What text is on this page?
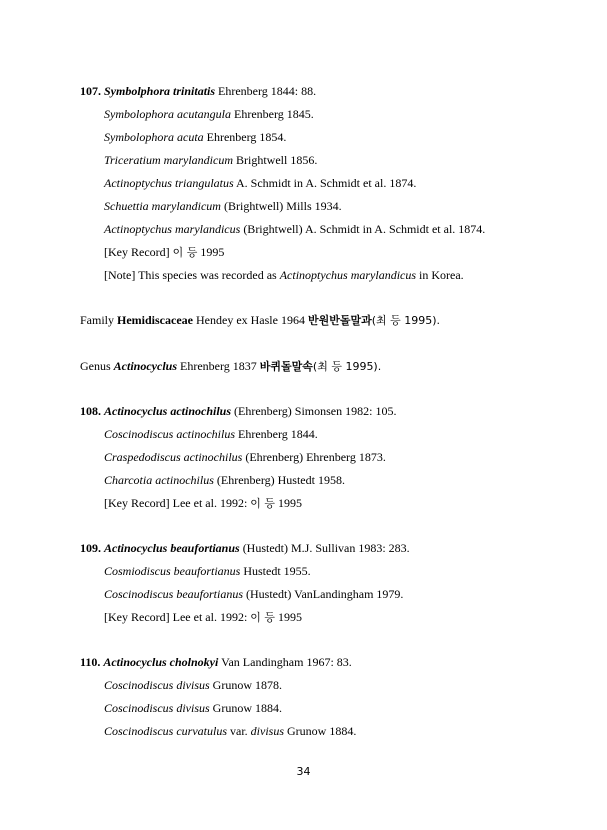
107. Symbolphora trinitatis Ehrenberg 1844: 88.
Symbolophora acutangula Ehrenberg 1845.
Symbolophora acuta Ehrenberg 1854.
Triceratium marylandicum Brightwell 1856.
Actinoptychus triangulatus A. Schmidt in A. Schmidt et al. 1874.
Schuettia marylandicum (Brightwell) Mills 1934.
Actinoptychus marylandicus (Brightwell) A. Schmidt in A. Schmidt et al. 1874.
[Key Record] 이 등 1995
[Note] This species was recorded as Actinoptychus marylandicus in Korea.
Family Hemidiscaceae Hendey ex Hasle 1964 반원반돌말과(최 등 1995).
Genus Actinocyclus Ehrenberg 1837 바퀴돌말속(최 등 1995).
108. Actinocyclus actinochilus (Ehrenberg) Simonsen 1982: 105.
Coscinodiscus actinochilus Ehrenberg 1844.
Craspedodiscus actinochilus (Ehrenberg) Ehrenberg 1873.
Charcotia actinochilus (Ehrenberg) Hustedt 1958.
[Key Record] Lee et al. 1992: 이 등 1995
109. Actinocyclus beaufortianus (Hustedt) M.J. Sullivan 1983: 283.
Cosmiodiscus beaufortianus Hustedt 1955.
Coscinodiscus beaufortianus (Hustedt) VanLandingham 1979.
[Key Record] Lee et al. 1992: 이 등 1995
110. Actinocyclus cholnokyi Van Landingham 1967: 83.
Coscinodiscus divisus Grunow 1878.
Coscinodiscus divisus Grunow 1884.
Coscinodiscus curvatulus var. divisus Grunow 1884.
34
